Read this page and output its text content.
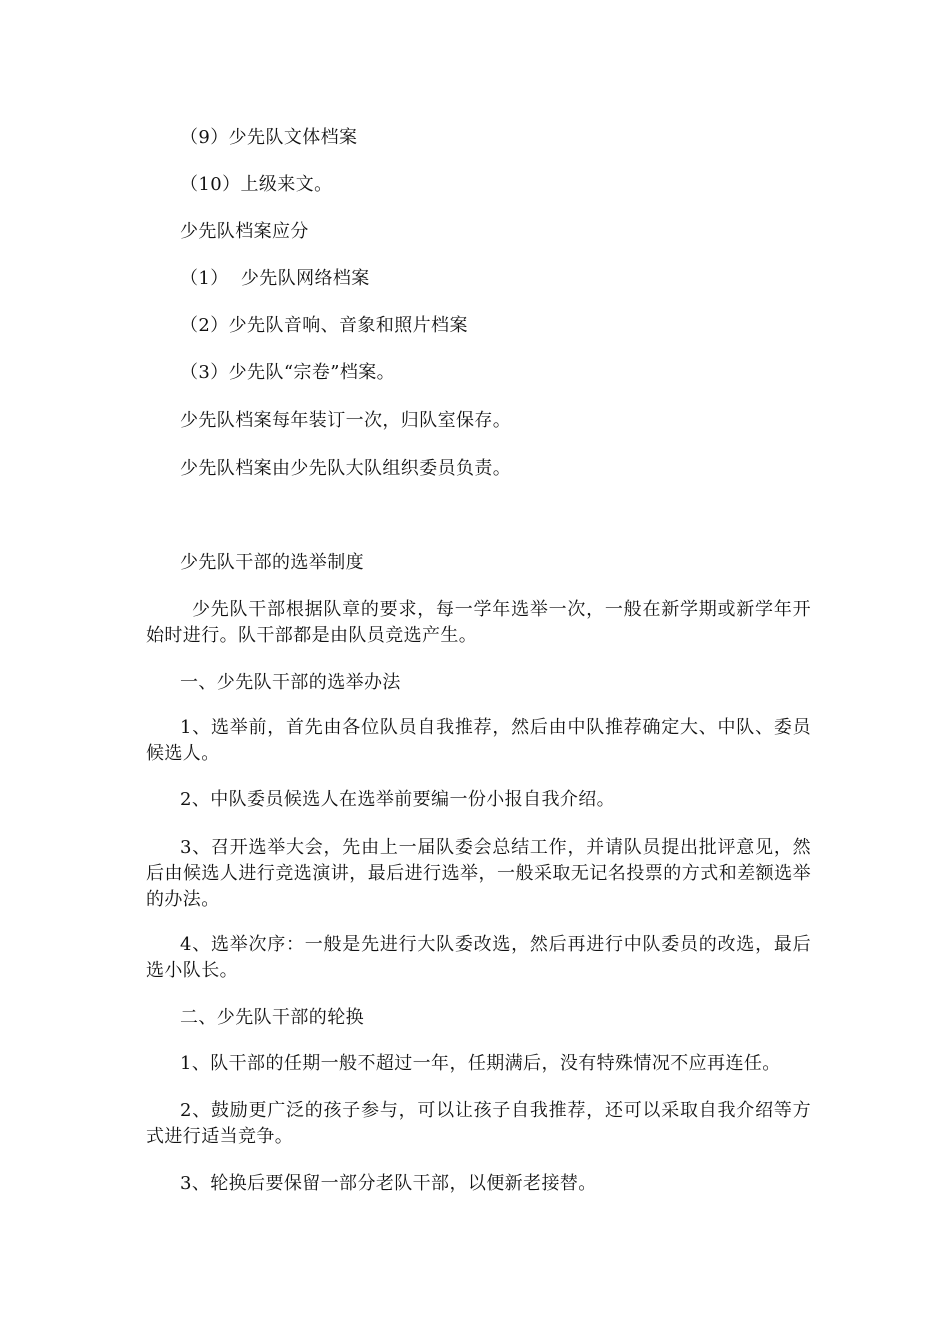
（9）少先队文体档案
（10）上级来文。
少先队档案应分
（1）  少先队网络档案
（2）少先队音响、音象和照片档案
（3）少先队“宗卷”档案。
少先队档案每年装订一次，归队室保存。
少先队档案由少先队大队组织委员负责。
少先队干部的选举制度
少先队干部根据队章的要求，每一学年选举一次，一般在新学期或新学年开始时进行。队干部都是由队员竞选产生。
一、少先队干部的选举办法
1、选举前，首先由各位队员自我推荐，然后由中队推荐确定大、中队、委员候选人。
2、中队委员候选人在选举前要编一份小报自我介绍。
3、召开选举大会，先由上一届队委会总结工作，并请队员提出批评意见，然后由候选人进行竞选演讲，最后进行选举，一般采取无记名投票的方式和差额选举的办法。
4、选举次序：一般是先进行大队委改选，然后再进行中队委员的改选，最后选小队长。
二、少先队干部的轮换
1、队干部的任期一般不超过一年，任期满后，没有特殊情况不应再连任。
2、鼓励更广泛的孩子参与，可以让孩子自我推荐，还可以采取自我介绍等方式进行适当竞争。
3、轮换后要保留一部分老队干部，以便新老接替。
